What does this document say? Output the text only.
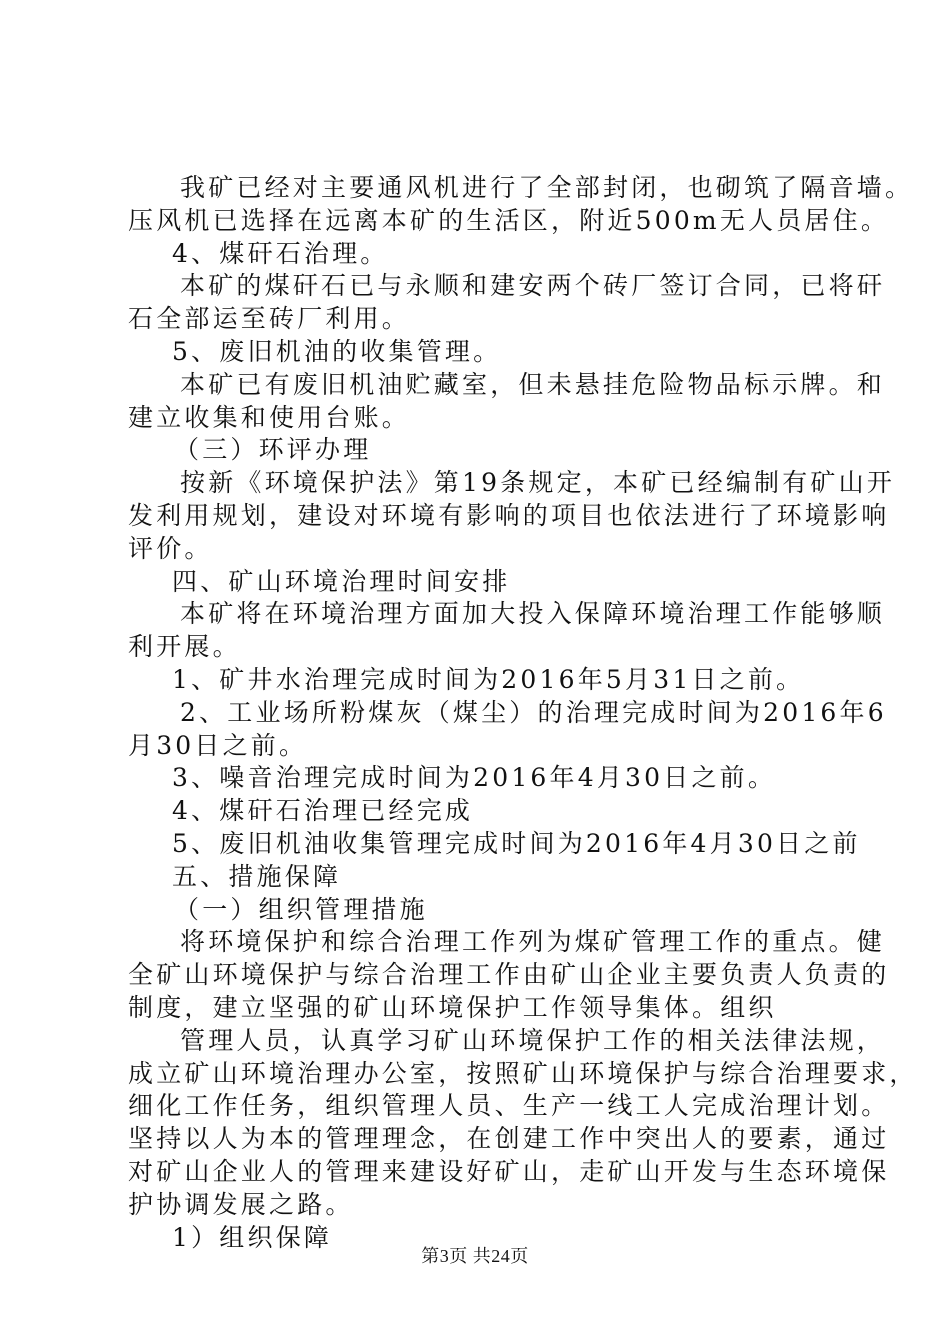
我矿已经对主要通风机进行了全部封闭，也砌筑了隔音墙。

压风机已选择在远离本矿的生活区，附近500m无人员居住。

4、煤矸石治理。

本矿的煤矸石已与永顺和建安两个砖厂签订合同，已将矸

石全部运至砖厂利用。

5、废旧机油的收集管理。

本矿已有废旧机油贮藏室，但未悬挂危险物品标示牌。和

建立收集和使用台账。

（三）环评办理

按新《环境保护法》第19条规定，本矿已经编制有矿山开

发利用规划，建设对环境有影响的项目也依法进行了环境影响

评价。

四、矿山环境治理时间安排

本矿将在环境治理方面加大投入保障环境治理工作能够顺

利开展。

1、矿井水治理完成时间为2016年5月31日之前。

2、工业场所粉煤灰（煤尘）的治理完成时间为2016年6

月30日之前。

3、噪音治理完成时间为2016年4月30日之前。

4、煤矸石治理已经完成

5、废旧机油收集管理完成时间为2016年4月30日之前

五、措施保障

（一）组织管理措施

将环境保护和综合治理工作列为煤矿管理工作的重点。健

全矿山环境保护与综合治理工作由矿山企业主要负责人负责的

制度，建立坚强的矿山环境保护工作领导集体。组织

管理人员，认真学习矿山环境保护工作的相关法律法规，

成立矿山环境治理办公室，按照矿山环境保护与综合治理要求，

细化工作任务，组织管理人员、生产一线工人完成治理计划。

坚持以人为本的管理理念，在创建工作中突出人的要素，通过

对矿山企业人的管理来建设好矿山，走矿山开发与生态环境保

护协调发展之路。

1）组织保障

第3页 共24页
